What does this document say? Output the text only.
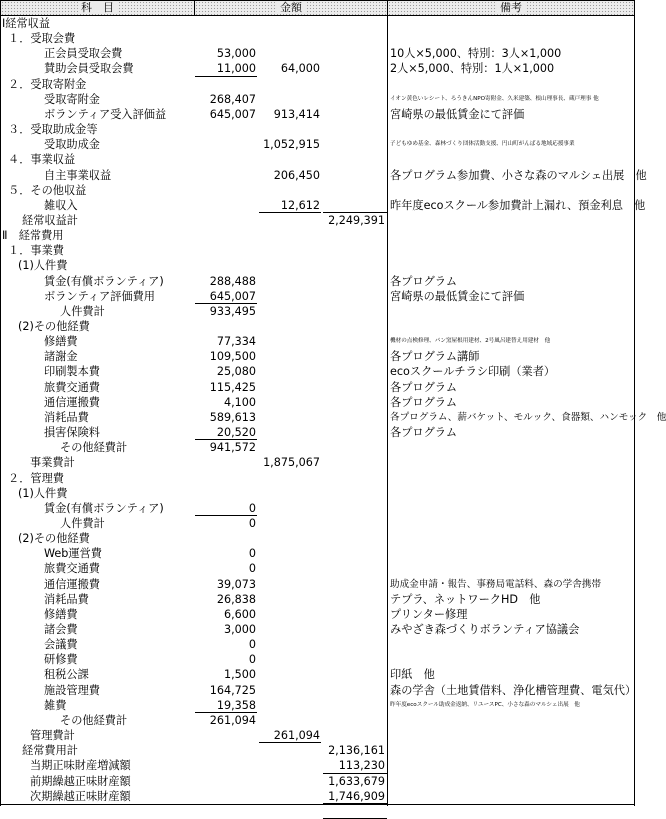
科　目	金額	備考
Ⅰ経常収益
１．受取会費
正会員受取会費	53,000	10人×5,000、特別：3人×1,000
賛助会員受取会費	11,000	64,000	2人×5,000、特別：1人×1,000
２．受取寄附金
受取寄附金	268,407	イオン黄色いレシート、ろうきんNPO寄附金、久米建築、根山理事長、蔵戸理事 他
ボランティア受入評価益	645,007	913,414	宮崎県の最低賃金にて評価
３．受取助成金等
受取助成金	1,052,915	子どもゆめ基金、森林づくり団体活動支援、円山町がんばる地域応援事業
４．事業収益
自主事業収益	206,450	各プログラム参加費、小さな森のマルシェ出展　他
５．その他収益
雑収入	12,612	昨年度ecoスクール参加費計上漏れ、預金利息　他
経常収益計	2,249,391
Ⅱ　経常費用
１．事業費
(1)人件費
賃金(有償ボランティア)	288,488	各プログラム
ボランティア評価費用	645,007	宮崎県の最低賃金にて評価
人件費計	933,495
(2)その他経費
修繕費	77,334	機材の点検修理、パン窯屋根用建材、2号風呂建替え用建材　他
諸謝金	109,500	各プログラム講師
印刷製本費	25,080	ecoスクールチラシ印刷（業者）
旅費交通費	115,425	各プログラム
通信運搬費	4,100	各プログラム
消耗品費	589,613	各プログラム、薪バケット、モルック、食器類、ハンモック　他
損害保険料	20,520	各プログラム
その他経費計	941,572
事業費計	1,875,067
２．管理費
(1)人件費
賃金(有償ボランティア)	0
人件費計	0
(2)その他経費
Web運営費	0
旅費交通費	0
通信運搬費	39,073	助成金申請・報告、事務局電話料、森の学舎携帯
消耗品費	26,838	テプラ、ネットワークHD　他
修繕費	6,600	プリンター修理
諸会費	3,000	みやざき森づくりボランティア協議会
会議費	0
研修費	0
租税公課	1,500	印紙　他
施設管理費	164,725	森の学舎（土地賃借料、浄化槽管理費、電気代）
雑費	19,358	昨年度ecoスクール助成金返納、リユースPC、小さな森のマルシェ出展　他
その他経費計	261,094
管理費計	261,094
経常費用計	2,136,161
当期正味財産増減額	113,230
前期繰越正味財産額	1,633,679
次期繰越正味財産額	1,746,909
